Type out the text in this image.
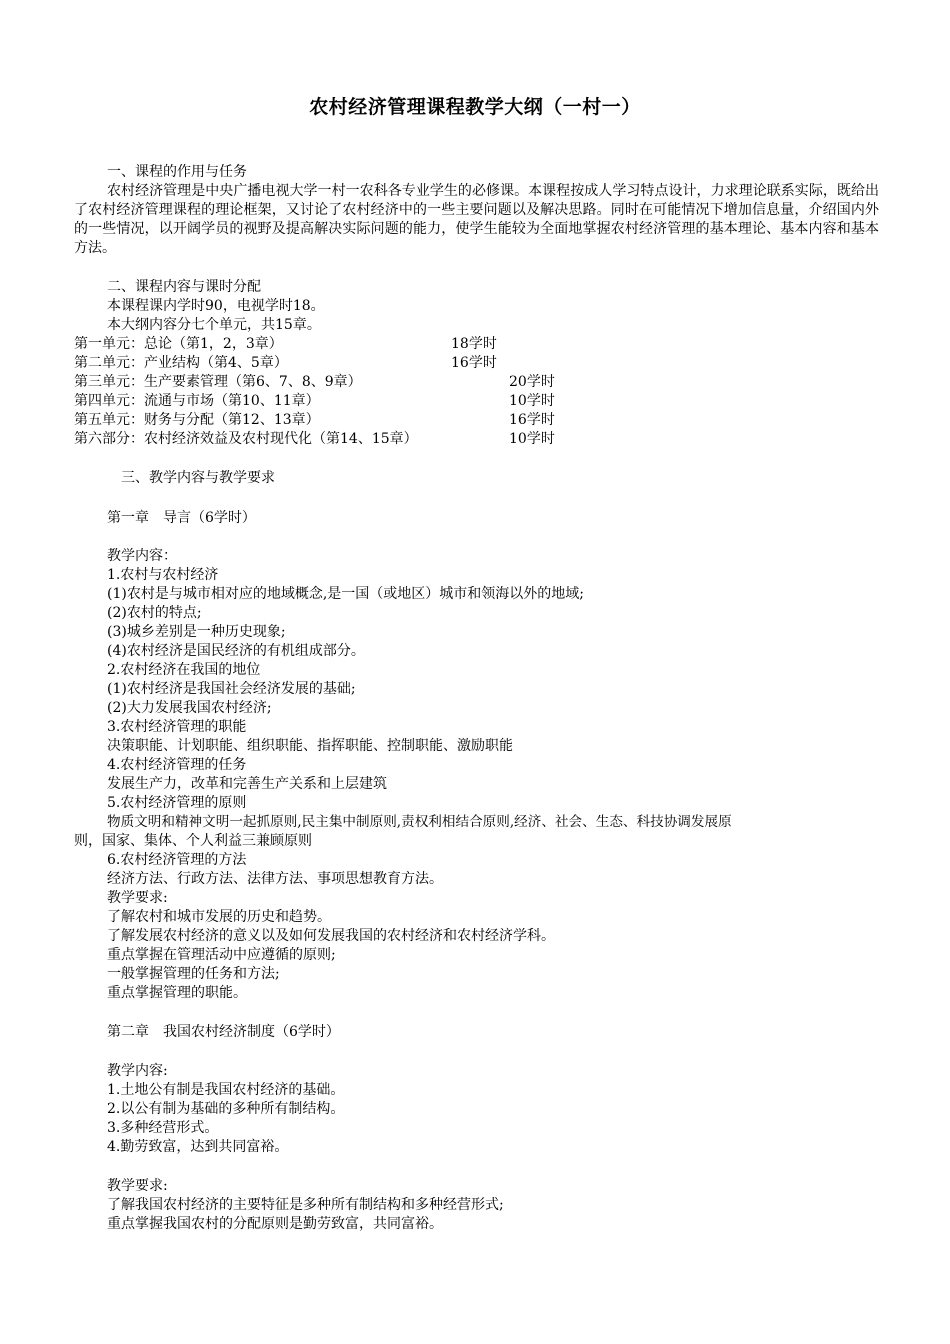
农村经济管理课程教学大纲（一村一）
一、课程的作用与任务
农村经济管理是中央广播电视大学一村一农科各专业学生的必修课。本课程按成人学习特点设计，力求理论联系实际，既给出了农村经济管理课程的理论框架，又讨论了农村经济中的一些主要问题以及解决思路。同时在可能情况下增加信息量，介绍国内外的一些情况，以开阔学员的视野及提高解决实际问题的能力，使学生能较为全面地掌握农村经济管理的基本理论、基本内容和基本方法。
二、课程内容与课时分配
本课程课内学时90，电视学时18。
本大纲内容分七个单元，共15章。
第一单元：总论（第1，2，3章）	18学时
第二单元：产业结构（第4、5章）	16学时
第三单元：生产要素管理（第6、7、8、9章）	20学时
第四单元：流通与市场（第10、11章）	10学时
第五单元：财务与分配（第12、13章）	16学时
第六部分：农村经济效益及农村现代化（第14、15章）	10学时
三、教学内容与教学要求
第一章　导言（6学时）
教学内容：
1.农村与农村经济
(1)农村是与城市相对应的地域概念,是一国（或地区）城市和领海以外的地域;
(2)农村的特点;
(3)城乡差别是一种历史现象;
(4)农村经济是国民经济的有机组成部分。
2.农村经济在我国的地位
(1)农村经济是我国社会经济发展的基础;
(2)大力发展我国农村经济;
3.农村经济管理的职能
决策职能、计划职能、组织职能、指挥职能、控制职能、激励职能
4.农村经济管理的任务
发展生产力，改革和完善生产关系和上层建筑
5.农村经济管理的原则
物质文明和精神文明一起抓原则,民主集中制原则,责权利相结合原则,经济、社会、生态、科技协调发展原
则，国家、集体、个人利益三兼顾原则
6.农村经济管理的方法
经济方法、行政方法、法律方法、事项思想教育方法。
教学要求:
了解农村和城市发展的历史和趋势。
了解发展农村经济的意义以及如何发展我国的农村经济和农村经济学科。
重点掌握在管理活动中应遵循的原则;
一般掌握管理的任务和方法;
重点掌握管理的职能。
第二章　我国农村经济制度（6学时）
教学内容:
1.土地公有制是我国农村经济的基础。
2.以公有制为基础的多种所有制结构。
3.多种经营形式。
4.勤劳致富，达到共同富裕。
教学要求:
了解我国农村经济的主要特征是多种所有制结构和多种经营形式;
重点掌握我国农村的分配原则是勤劳致富，共同富裕。
